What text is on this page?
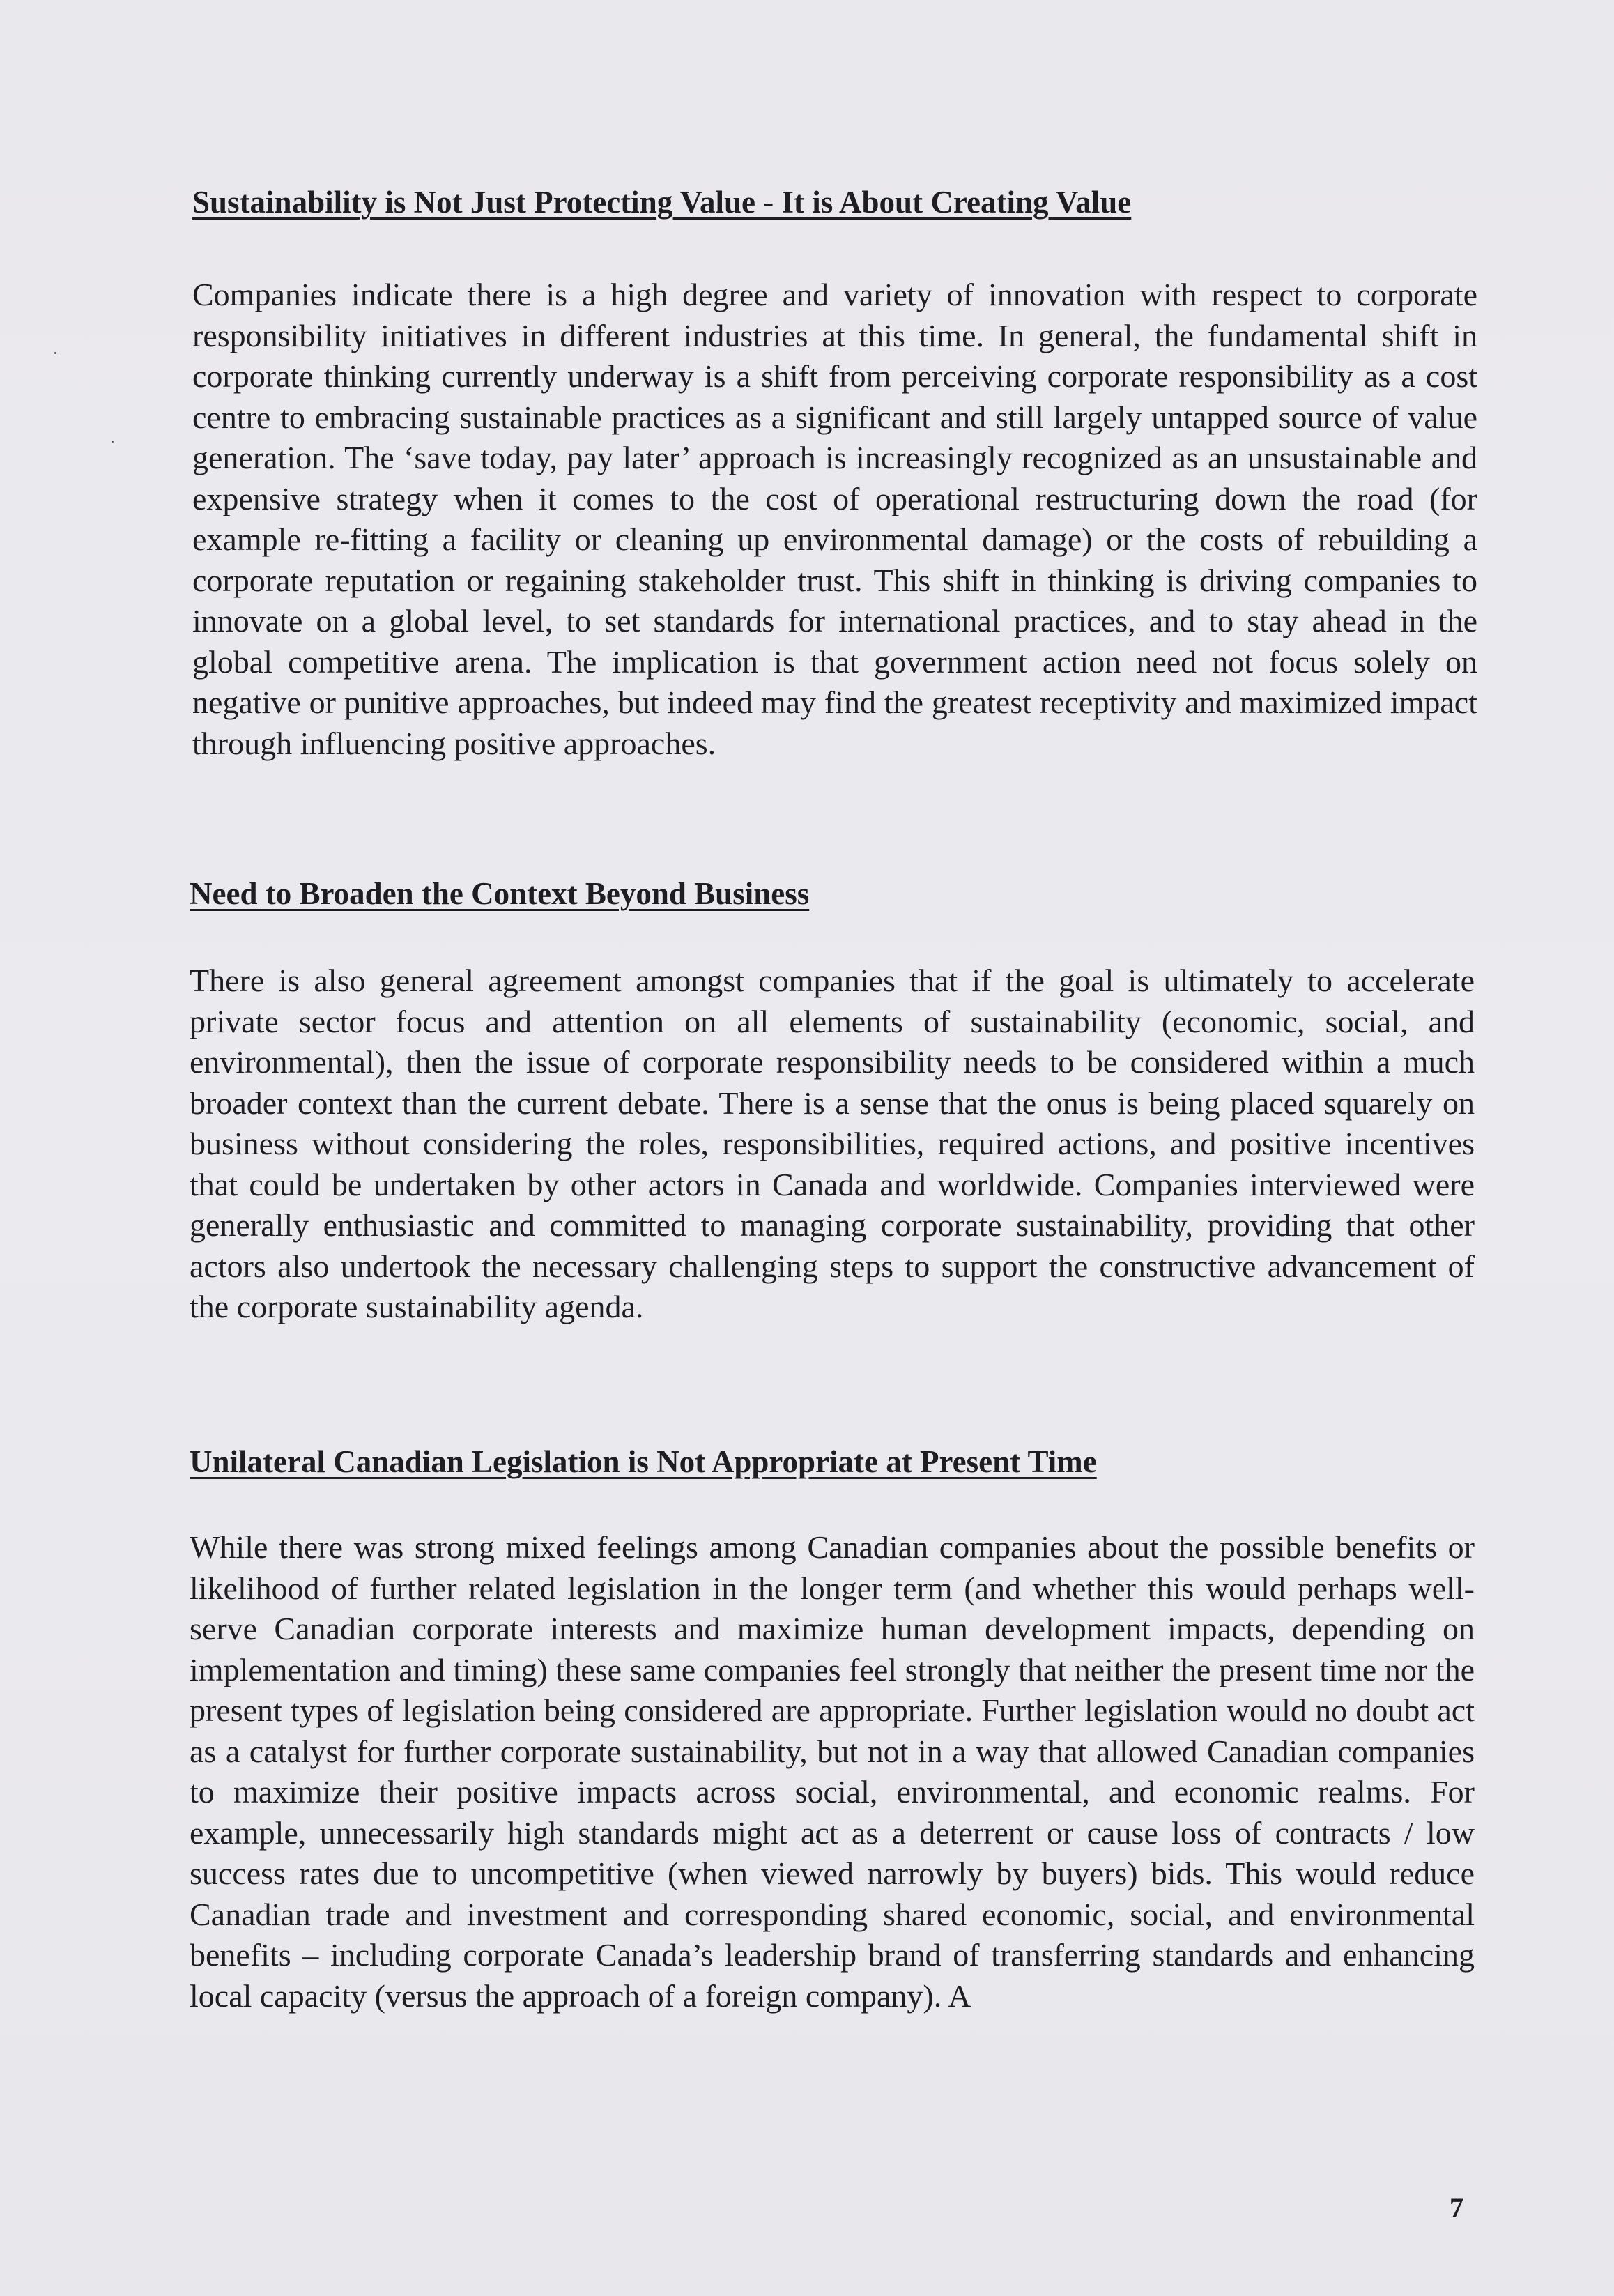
Sustainability is Not Just Protecting Value - It is About Creating Value

Companies indicate there is a high degree and variety of innovation with respect to corporate responsibility initiatives in different industries at this time. In general, the fundamental shift in corporate thinking currently underway is a shift from perceiving corporate responsibility as a cost centre to embracing sustainable practices as a significant and still largely untapped source of value generation. The ‘save today, pay later’ approach is increasingly recognized as an unsustainable and expensive strategy when it comes to the cost of operational restructuring down the road (for example re-fitting a facility or cleaning up environmental damage) or the costs of rebuilding a corporate reputation or regaining stakeholder trust. This shift in thinking is driving companies to innovate on a global level, to set standards for international practices, and to stay ahead in the global competitive arena. The implication is that government action need not focus solely on negative or punitive approaches, but indeed may find the greatest receptivity and maximized impact through influencing positive approaches.

Need to Broaden the Context Beyond Business

There is also general agreement amongst companies that if the goal is ultimately to accelerate private sector focus and attention on all elements of sustainability (economic, social, and environmental), then the issue of corporate responsibility needs to be considered within a much broader context than the current debate. There is a sense that the onus is being placed squarely on business without considering the roles, responsibilities, required actions, and positive incentives that could be undertaken by other actors in Canada and worldwide. Companies interviewed were generally enthusiastic and committed to managing corporate sustainability, providing that other actors also undertook the necessary challenging steps to support the constructive advancement of the corporate sustainability agenda.

Unilateral Canadian Legislation is Not Appropriate at Present Time

While there was strong mixed feelings among Canadian companies about the possible benefits or likelihood of further related legislation in the longer term (and whether this would perhaps well-serve Canadian corporate interests and maximize human development impacts, depending on implementation and timing) these same companies feel strongly that neither the present time nor the present types of legislation being considered are appropriate. Further legislation would no doubt act as a catalyst for further corporate sustainability, but not in a way that allowed Canadian companies to maximize their positive impacts across social, environmental, and economic realms. For example, unnecessarily high standards might act as a deterrent or cause loss of contracts / low success rates due to uncompetitive (when viewed narrowly by buyers) bids. This would reduce Canadian trade and investment and corresponding shared economic, social, and environmental benefits – including corporate Canada’s leadership brand of transferring standards and enhancing local capacity (versus the approach of a foreign company). A

7
